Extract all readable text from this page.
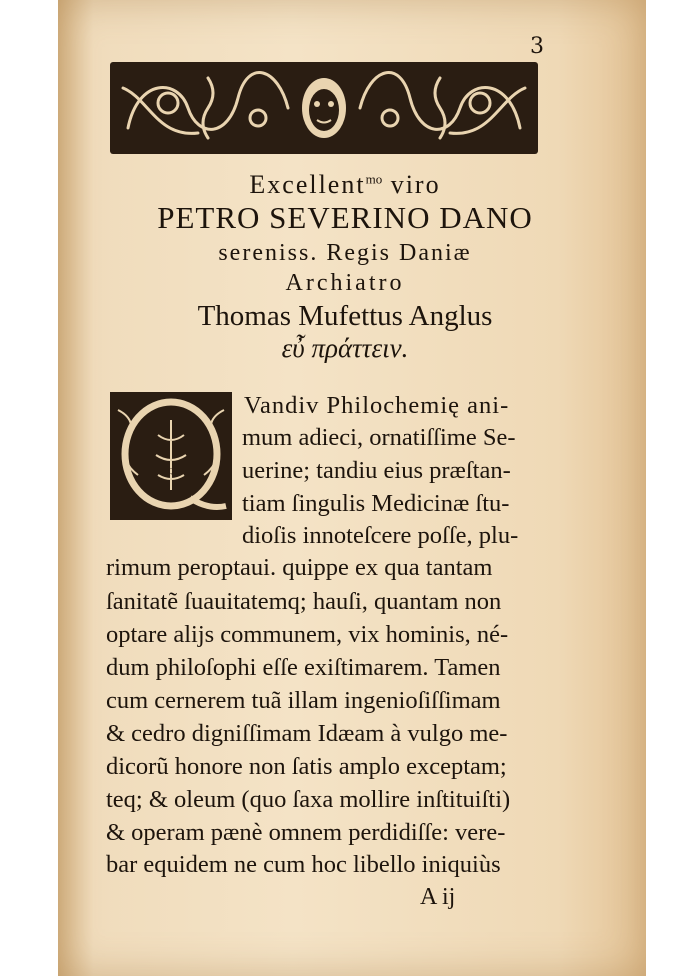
3
Excellent$^{mo}$ viro
PETRO SEVERINO DANO
sereniss. Regis Daniæ
Archiatro
Thomas Mufettus Anglus
εὖ πράττειν.
Q
Vandiv Philochemię ani-
mum adieci, ornatiſſime Se-
uerine; tandiu eius præſtan-
tiam ſingulis Medicinæ ſtu-
dioſis innoteſcere poſſe, plu-
rimum peroptaui. quippe ex qua tantam
ſanitatẽ ſuauitatemq; hauſi, quantam non
optare alijs communem, vix hominis, né-
dum philoſophi eſſe exiſtimarem. Tamen
cum cernerem tuã illam ingenioſiſſimam
& cedro digniſſimam Idæam à vulgo me-
dicorũ honore non ſatis amplo exceptam;
teq; & oleum (quo ſaxa mollire inſtituiſti)
& operam pænè omnem perdidiſſe: vere-
bar equidem ne cum hoc libello iniquiùs
A ij
